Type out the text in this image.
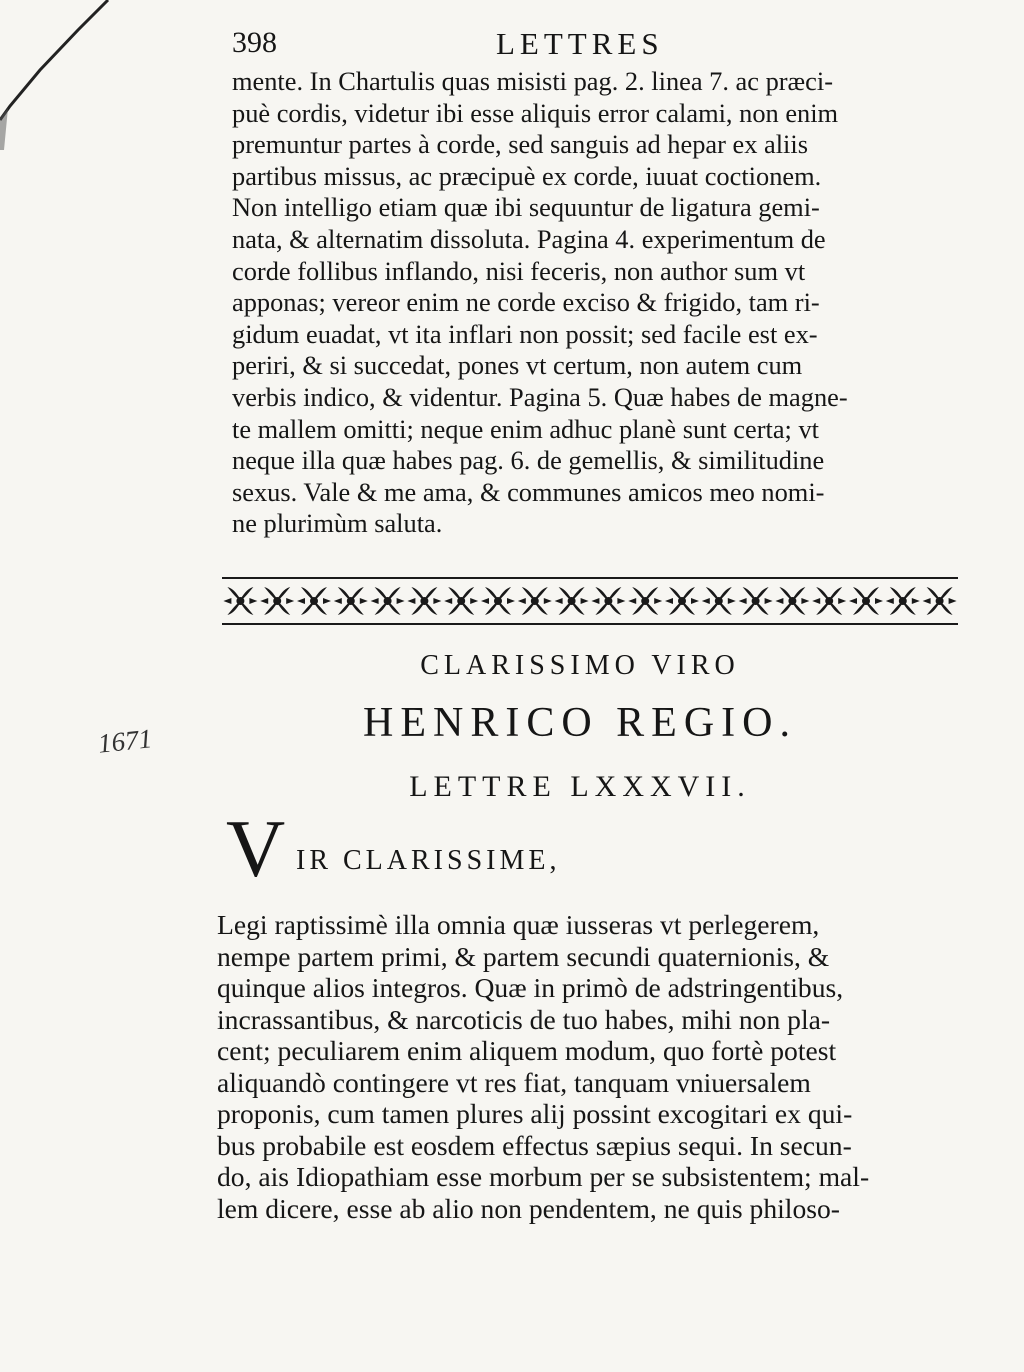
398	LETTRES
mente. In Chartulis quas misisti pag. 2. linea 7. ac præci-
puè cordis, videtur ibi esse aliquis error calami, non enim
premuntur partes à corde, sed sanguis ad hepar ex aliis
partibus missus, ac præcipuè ex corde, iuuat coctionem.
Non intelligo etiam quæ ibi sequuntur de ligatura gemi-
nata, & alternatim dissoluta. Pagina 4. experimentum de
corde follibus inflando, nisi feceris, non author sum vt
apponas; vereor enim ne corde exciso & frigido, tam ri-
gidum euadat, vt ita inflari non possit; sed facile est ex-
periri, & si succedat, pones vt certum, non autem cum
verbis indico, & videntur. Pagina 5. Quæ habes de magne-
te mallem omitti; neque enim adhuc planè sunt certa; vt
neque illa quæ habes pag. 6. de gemellis, & similitudine
sexus. Vale & me ama, & communes amicos meo nomi-
ne plurimùm saluta.
CLARISSIMO VIRO
HENRICO REGIO.
LETTRE LXXXVII.
V IR CLARISSIME,
1671
Legi raptissimè illa omnia quæ iusseras vt perlegerem,
nempe partem primi, & partem secundi quaternionis, &
quinque alios integros. Quæ in primò de adstringentibus,
incrassantibus, & narcoticis de tuo habes, mihi non pla-
cent; peculiarem enim aliquem modum, quo fortè potest
aliquandò contingere vt res fiat, tanquam vniuersalem
proponis, cum tamen plures alij possint excogitari ex qui-
bus probabile est eosdem effectus sæpius sequi. In secun-
do, ais Idiopathiam esse morbum per se subsistentem; mal-
lem dicere, esse ab alio non pendentem, ne quis philoso-
